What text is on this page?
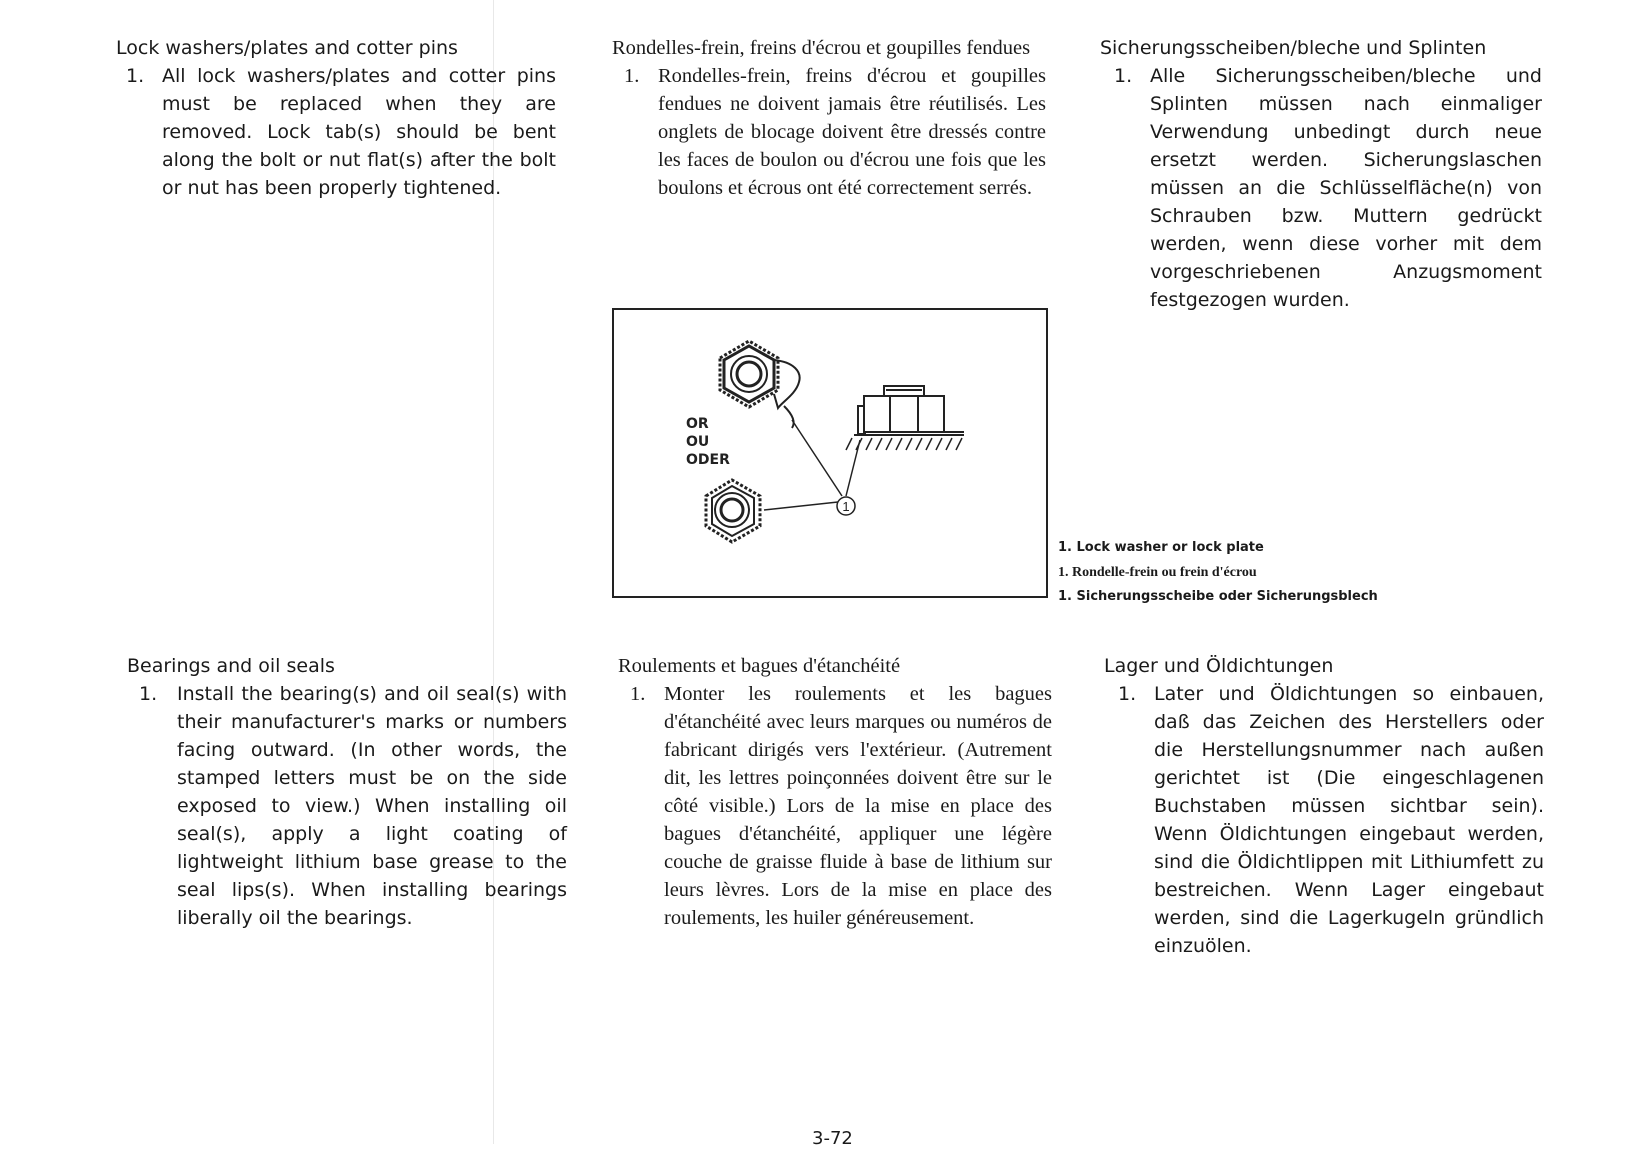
Lock washers/plates and cotter pins
1. All lock washers/plates and cotter pins must be replaced when they are removed. Lock tab(s) should be bent along the bolt or nut flat(s) after the bolt or nut has been properly tightened.
Rondelles-frein, freins d'écrou et goupilles fendues
1. Rondelles-frein, freins d'écrou et goupilles fendues ne doivent jamais être réutilisés. Les onglets de blocage doivent être dressés contre les faces de boulon ou d'écrou une fois que les boulons et écrous ont été correctement serrés.
Sicherungsscheiben/bleche und Splinten
1. Alle Sicherungsscheiben/bleche und Splinten müssen nach einmaliger Verwendung unbedingt durch neue ersetzt werden. Sicherungslaschen müssen an die Schlüsselfläche(n) von Schrauben bzw. Muttern gedrückt werden, wenn diese vorher mit dem vorgeschriebenen Anzugsmoment festgezogen wurden.
OR
OU
ODER
1
1. Lock washer or lock plate
1. Rondelle-frein ou frein d'écrou
1. Sicherungsscheibe oder Sicherungsblech
Bearings and oil seals
1.	Install the bearing(s) and oil seal(s) with their manufacturer's marks or numbers facing outward. (In other words, the stamped letters must be on the side exposed to view.) When installing oil seal(s), apply a light coating of lightweight lithium base grease to the seal lips(s). When installing bearings liberally oil the bearings.
Roulements et bagues d'étanchéité
1. Monter les roulements et les bagues d'étanchéité avec leurs marques ou numéros de fabricant dirigés vers l'extérieur. (Autrement dit, les lettres poinçonnées doivent être sur le côté visible.) Lors de la mise en place des bagues d'étanchéité, appliquer une légère couche de graisse fluide à base de lithium sur leurs lèvres. Lors de la mise en place des roulements, les huiler généreusement.
Lager und Öldichtungen
1. Later und Öldichtungen so einbauen, daß das Zeichen des Herstellers oder die Herstellungsnummer nach außen gerichtet ist (Die eingeschlagenen Buchstaben müssen sichtbar sein). Wenn Öldichtungen eingebaut werden, sind die Öldichtlippen mit Lithiumfett zu bestreichen. Wenn Lager eingebaut werden, sind die Lagerkugeln gründlich einzuölen.
3-72
